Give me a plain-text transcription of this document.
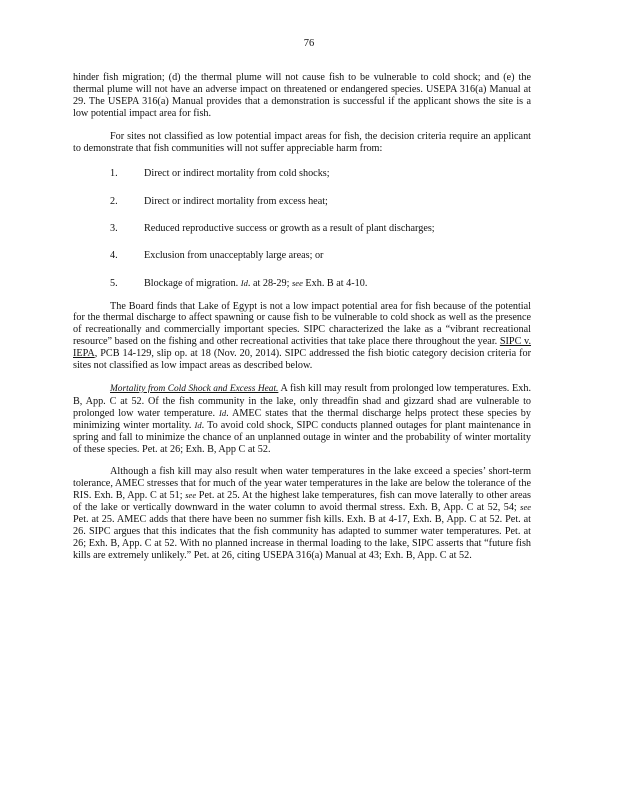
76

hinder fish migration; (d) the thermal plume will not cause fish to be vulnerable to cold shock; and (e) the thermal plume will not have an adverse impact on threatened or endangered species. USEPA 316(a) Manual at 29. The USEPA 316(a) Manual provides that a demonstration is successful if the applicant shows the site is a low potential impact area for fish.

For sites not classified as low potential impact areas for fish, the decision criteria require an applicant to demonstrate that fish communities will not suffer appreciable harm from:

1.	Direct or indirect mortality from cold shocks;
2.	Direct or indirect mortality from excess heat;
3.	Reduced reproductive success or growth as a result of plant discharges;
4.	Exclusion from unacceptably large areas; or
5.	Blockage of migration. Id. at 28-29; see Exh. B at 4-10.

The Board finds that Lake of Egypt is not a low impact potential area for fish because of the potential for the thermal discharge to affect spawning or cause fish to be vulnerable to cold shock as well as the presence of recreationally and commercially important species. SIPC characterized the lake as a “vibrant recreational resource” based on the fishing and other recreational activities that take place there throughout the year. SIPC v. IEPA, PCB 14-129, slip op. at 18 (Nov. 20, 2014). SIPC addressed the fish biotic category decision criteria for sites not classified as low impact areas as described below.

Mortality from Cold Shock and Excess Heat. A fish kill may result from prolonged low temperatures. Exh. B, App. C at 52. Of the fish community in the lake, only threadfin shad and gizzard shad are vulnerable to prolonged low water temperature. Id. AMEC states that the thermal discharge helps protect these species by minimizing winter mortality. Id. To avoid cold shock, SIPC conducts planned outages for plant maintenance in spring and fall to minimize the chance of an unplanned outage in winter and the probability of winter mortality of these species. Pet. at 26; Exh. B, App C at 52.

Although a fish kill may also result when water temperatures in the lake exceed a species’ short-term tolerance, AMEC stresses that for much of the year water temperatures in the lake are below the tolerance of the RIS. Exh. B, App. C at 51; see Pet. at 25. At the highest lake temperatures, fish can move laterally to other areas of the lake or vertically downward in the water column to avoid thermal stress. Exh. B, App. C at 52, 54; see Pet. at 25. AMEC adds that there have been no summer fish kills. Exh. B at 4-17, Exh. B, App. C at 52. Pet. at 26. SIPC argues that this indicates that the fish community has adapted to summer water temperatures. Pet. at 26; Exh. B, App. C at 52. With no planned increase in thermal loading to the lake, SIPC asserts that “future fish kills are extremely unlikely.” Pet. at 26, citing USEPA 316(a) Manual at 43; Exh. B, App. C at 52.
